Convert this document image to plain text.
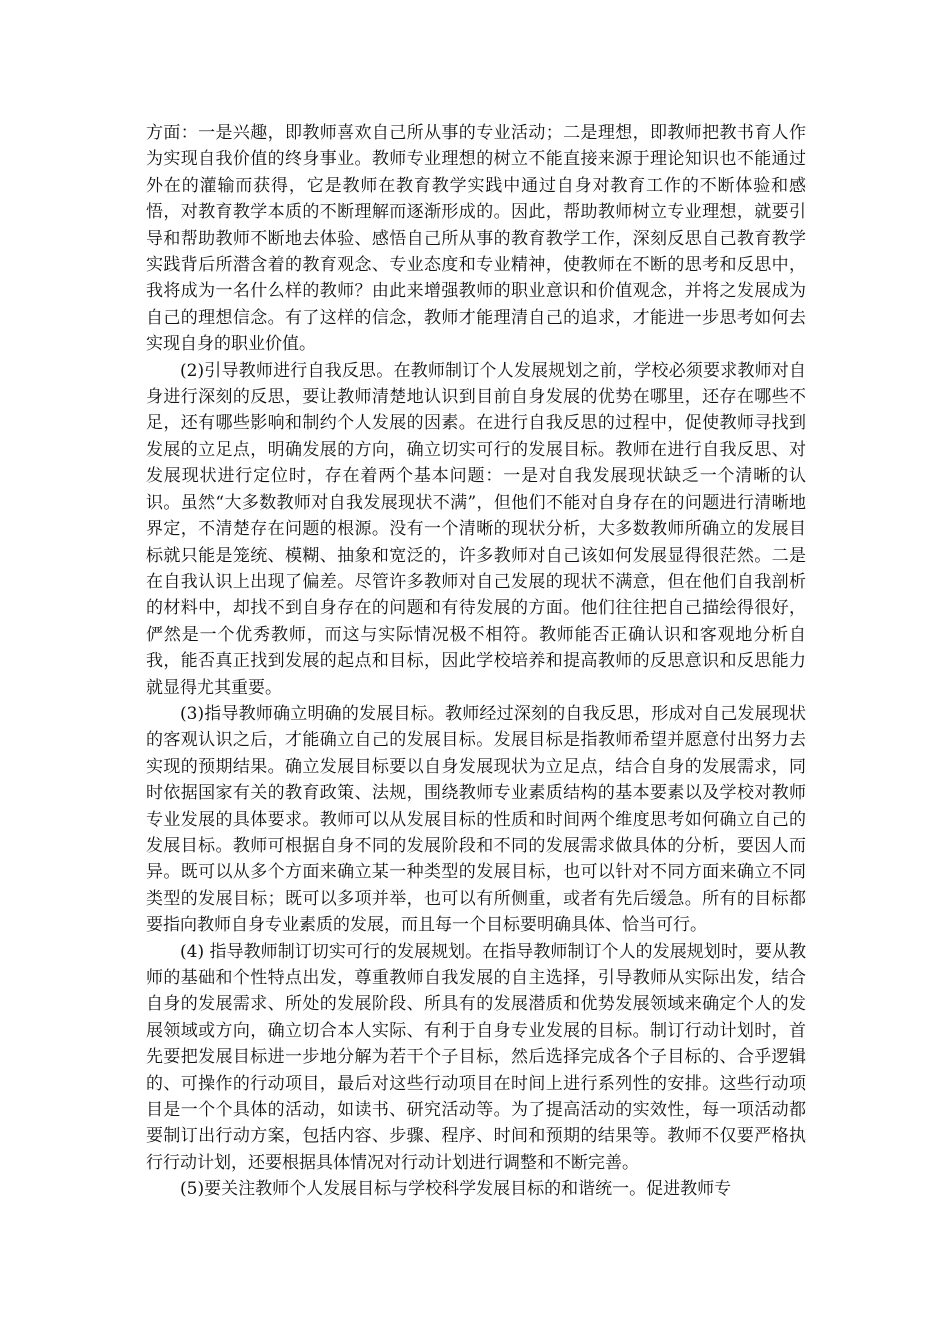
方面：一是兴趣，即教师喜欢自己所从事的专业活动；二是理想，即教师把教书育人作为实现自我价值的终身事业。教师专业理想的树立不能直接来源于理论知识也不能通过外在的灌输而获得，它是教师在教育教学实践中通过自身对教育工作的不断体验和感悟，对教育教学本质的不断理解而逐渐形成的。因此，帮助教师树立专业理想，就要引导和帮助教师不断地去体验、感悟自己所从事的教育教学工作，深刻反思自己教育教学实践背后所潜含着的教育观念、专业态度和专业精神，使教师在不断的思考和反思中，我将成为一名什么样的教师？由此来增强教师的职业意识和价值观念，并将之发展成为自己的理想信念。有了这样的信念，教师才能理清自己的追求，才能进一步思考如何去实现自身的职业价值。

(2)引导教师进行自我反思。在教师制订个人发展规划之前，学校必须要求教师对自身进行深刻的反思，要让教师清楚地认识到目前自身发展的优势在哪里，还存在哪些不足，还有哪些影响和制约个人发展的因素。在进行自我反思的过程中，促使教师寻找到发展的立足点，明确发展的方向，确立切实可行的发展目标。教师在进行自我反思、对发展现状进行定位时，存在着两个基本问题：一是对自我发展现状缺乏一个清晰的认识。虽然“大多数教师对自我发展现状不满”，但他们不能对自身存在的问题进行清晰地界定，不清楚存在问题的根源。没有一个清晰的现状分析，大多数教师所确立的发展目标就只能是笼统、模糊、抽象和宽泛的，许多教师对自己该如何发展显得很茫然。二是在自我认识上出现了偏差。尽管许多教师对自己发展的现状不满意，但在他们自我剖析的材料中，却找不到自身存在的问题和有待发展的方面。他们往往把自己描绘得很好，俨然是一个优秀教师，而这与实际情况极不相符。教师能否正确认识和客观地分析自我，能否真正找到发展的起点和目标，因此学校培养和提高教师的反思意识和反思能力就显得尤其重要。

(3)指导教师确立明确的发展目标。教师经过深刻的自我反思，形成对自己发展现状的客观认识之后，才能确立自己的发展目标。发展目标是指教师希望并愿意付出努力去实现的预期结果。确立发展目标要以自身发展现状为立足点，结合自身的发展需求，同时依据国家有关的教育政策、法规，围绕教师专业素质结构的基本要素以及学校对教师专业发展的具体要求。教师可以从发展目标的性质和时间两个维度思考如何确立自己的发展目标。教师可根据自身不同的发展阶段和不同的发展需求做具体的分析，要因人而异。既可以从多个方面来确立某一种类型的发展目标，也可以针对不同方面来确立不同类型的发展目标；既可以多项并举，也可以有所侧重，或者有先后缓急。所有的目标都要指向教师自身专业素质的发展，而且每一个目标要明确具体、恰当可行。

(4) 指导教师制订切实可行的发展规划。在指导教师制订个人的发展规划时，要从教师的基础和个性特点出发，尊重教师自我发展的自主选择，引导教师从实际出发，结合自身的发展需求、所处的发展阶段、所具有的发展潜质和优势发展领域来确定个人的发展领域或方向，确立切合本人实际、有利于自身专业发展的目标。制订行动计划时，首先要把发展目标进一步地分解为若干个子目标，然后选择完成各个子目标的、合乎逻辑的、可操作的行动项目，最后对这些行动项目在时间上进行系列性的安排。这些行动项目是一个个具体的活动，如读书、研究活动等。为了提高活动的实效性，每一项活动都要制订出行动方案，包括内容、步骤、程序、时间和预期的结果等。教师不仅要严格执行行动计划，还要根据具体情况对行动计划进行调整和不断完善。

(5)要关注教师个人发展目标与学校科学发展目标的和谐统一。促进教师专
